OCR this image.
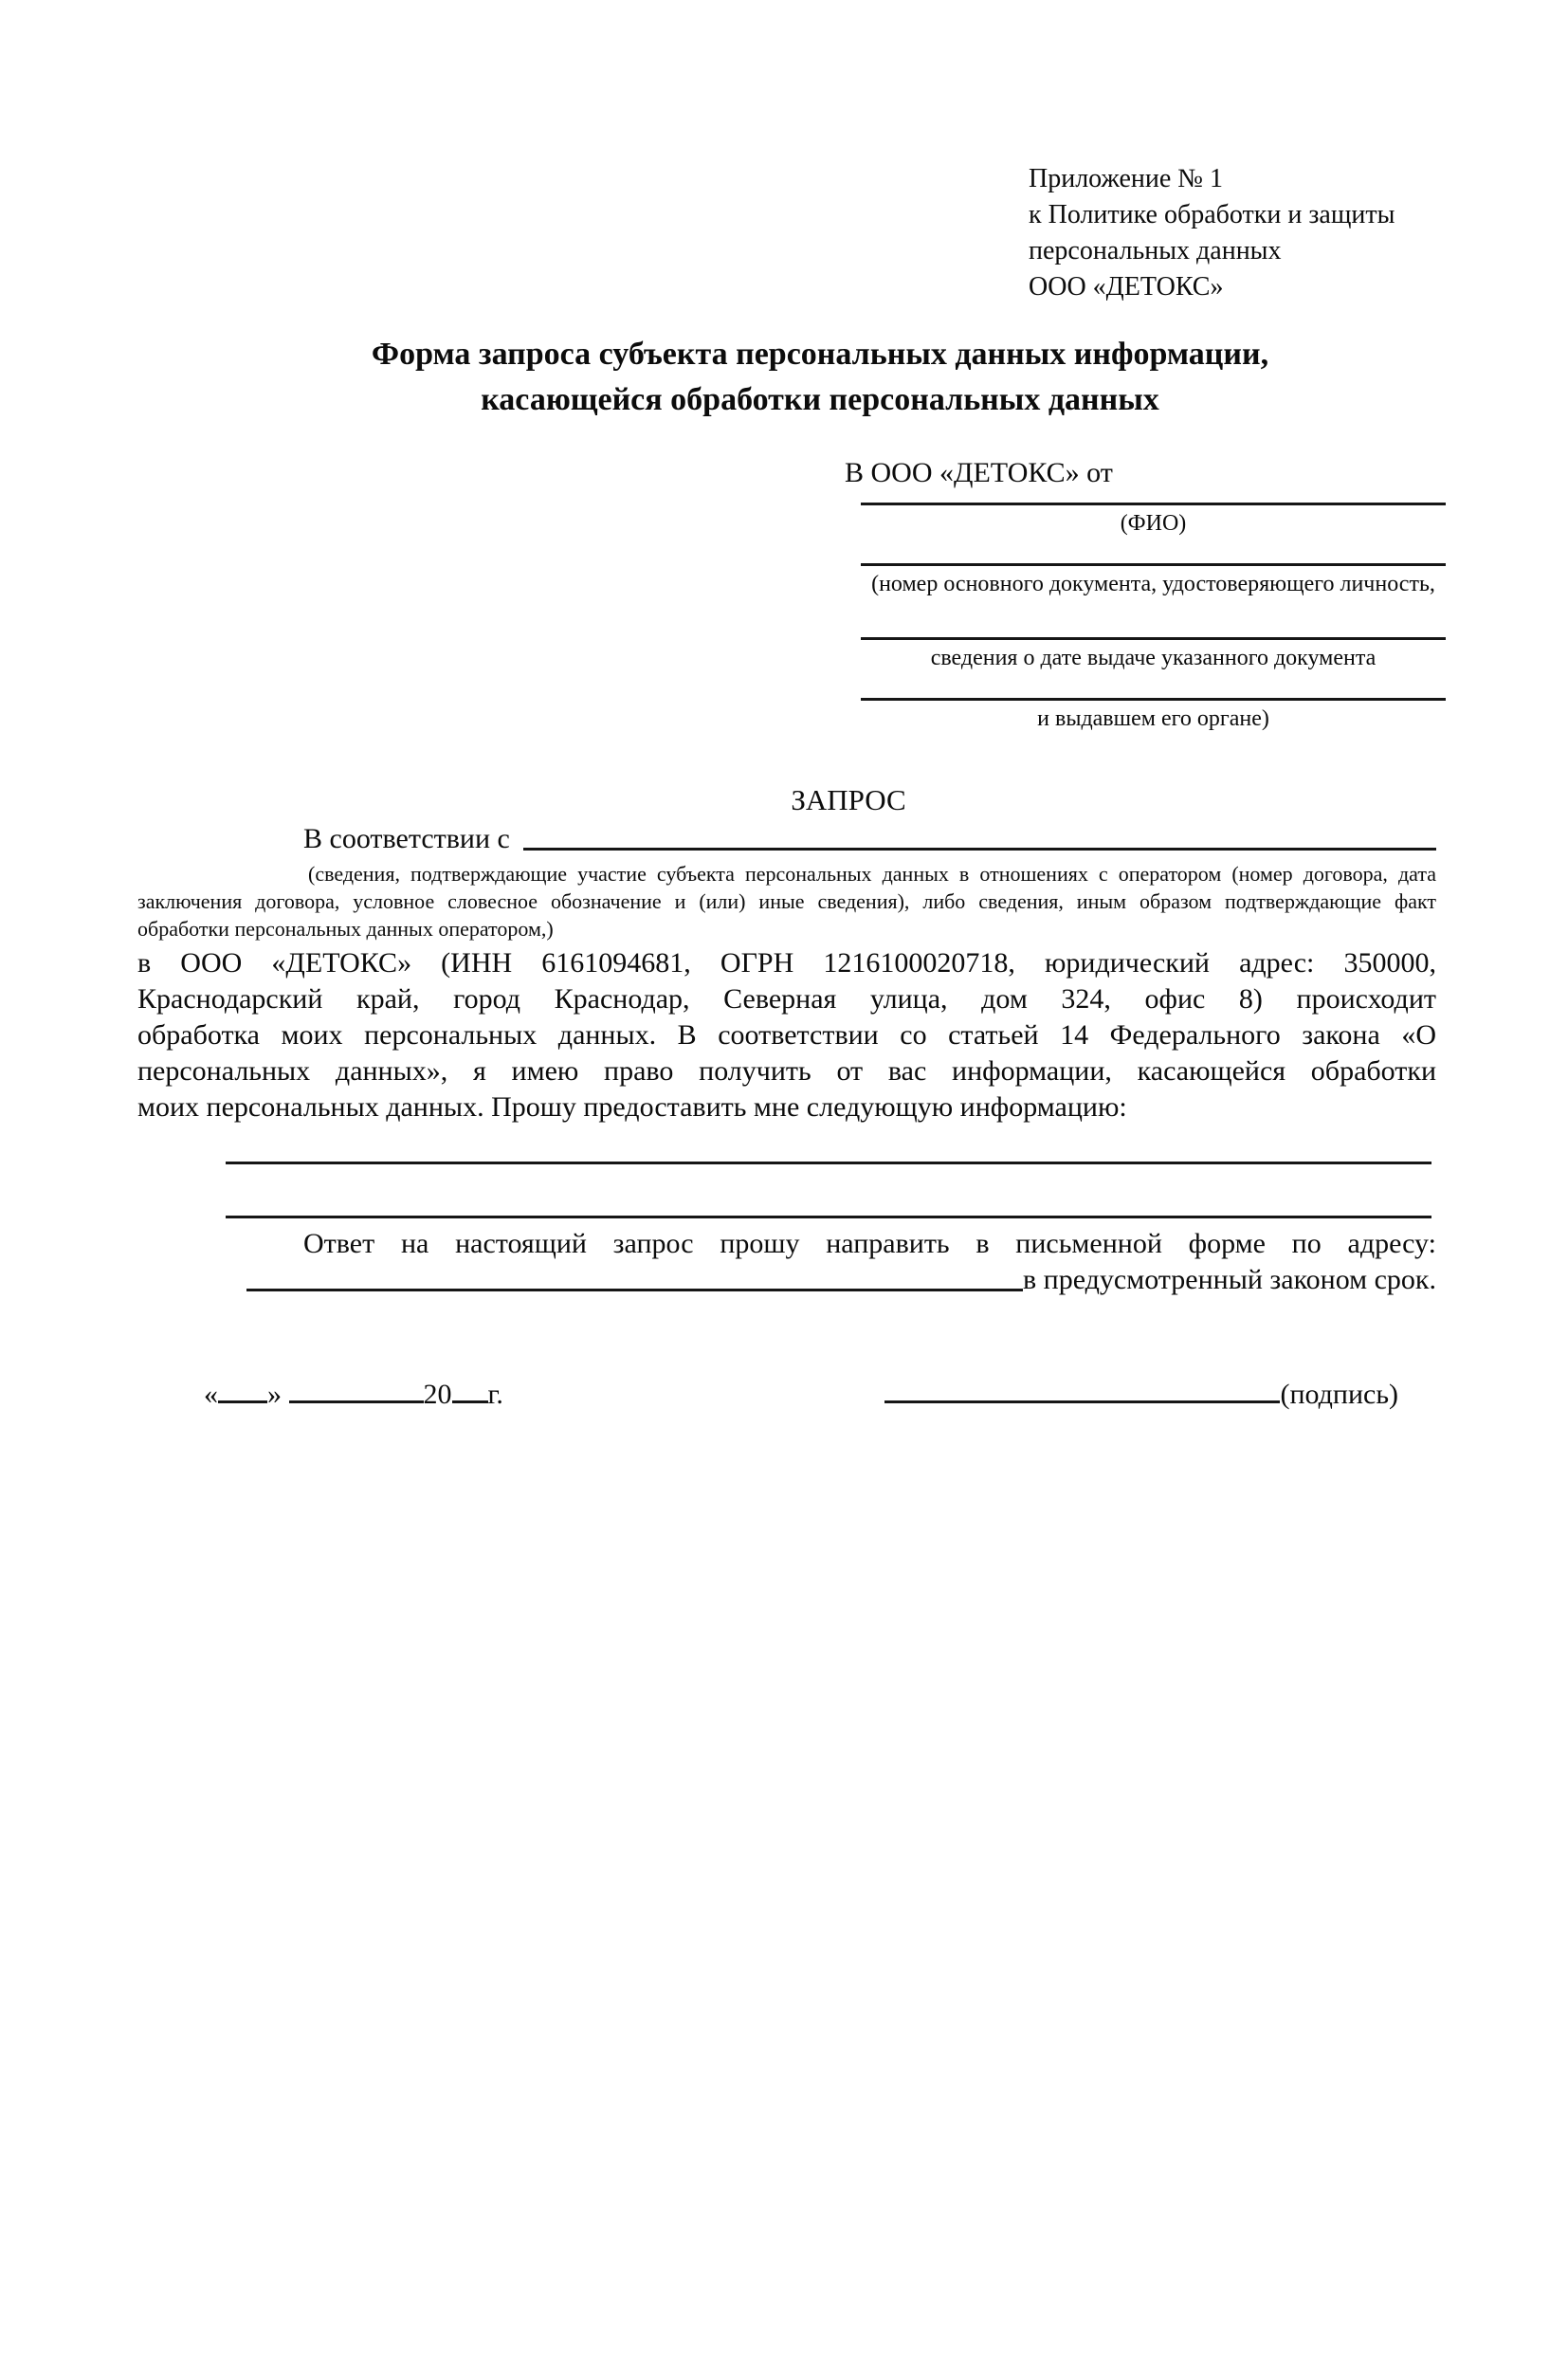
Приложение № 1
к Политике обработки и защиты
персональных данных
ООО «ДЕТОКС»
Форма запроса субъекта персональных данных информации,
касающейся обработки персональных данных
В ООО «ДЕТОКС» от
(ФИО)
(номер основного документа, удостоверяющего личность,
сведения о дате выдаче указанного документа
и выдавшем его органе)
ЗАПРОС
В соответствии с
(сведения, подтверждающие участие субъекта персональных данных в отношениях с оператором (номер договора, дата
заключения договора, условное словесное обозначение и (или) иные сведения), либо сведения, иным образом подтверждающие факт
обработки персональных данных оператором,)
в ООО «ДЕТОКС» (ИНН 6161094681, ОГРН 1216100020718, юридический адрес: 350000,
Краснодарский край, город Краснодар, Северная улица, дом 324, офис 8) происходит
обработка моих персональных данных. В соответствии со статьей 14 Федерального закона «О
персональных данных», я имею право получить от вас информации, касающейся обработки
моих персональных данных. Прошу предоставить мне следующую информацию:
Ответ на настоящий запрос прошу направить в письменной форме по адресу:
в предусмотренный законом срок.
« »	20 г.	(подпись)
